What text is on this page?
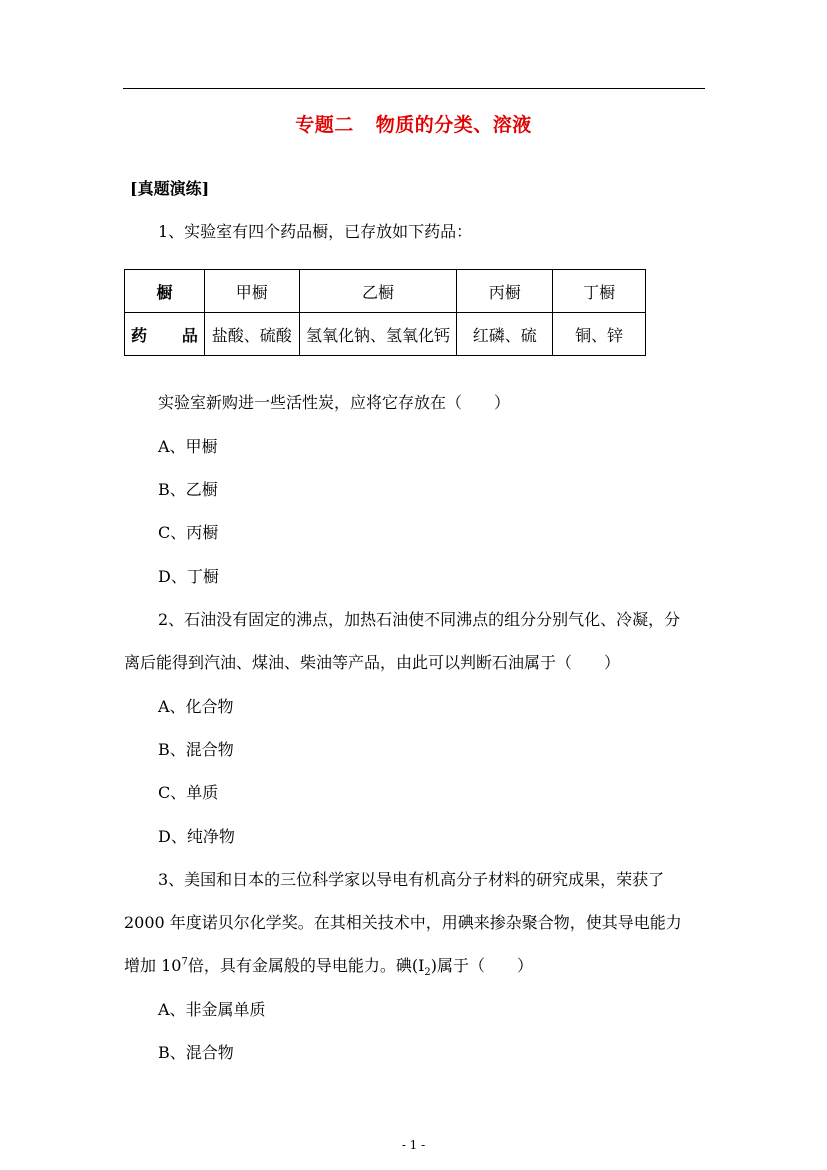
专题二 物质的分类、溶液
[真题演练]
1、实验室有四个药品橱，已存放如下药品：
橱	甲橱	乙橱	丙橱	丁橱

药 品	盐酸、硫酸	氢氧化钠、氢氧化钙	红磷、硫	铜、锌
实验室新购进一些活性炭，应将它存放在（　　）
A、甲橱
B、乙橱
C、丙橱
D、丁橱
2、石油没有固定的沸点，加热石油使不同沸点的组分分别气化、冷凝，分
离后能得到汽油、煤油、柴油等产品，由此可以判断石油属于（　　）
A、化合物
B、混合物
C、单质
D、纯净物
3、美国和日本的三位科学家以导电有机高分子材料的研究成果，荣获了
2000 年度诺贝尔化学奖。在其相关技术中，用碘来掺杂聚合物，使其导电能力
增加 $10^7$倍，具有金属般的导电能力。碘$(I_2)$属于（　　）
A、非金属单质
B、混合物
- 1 -
